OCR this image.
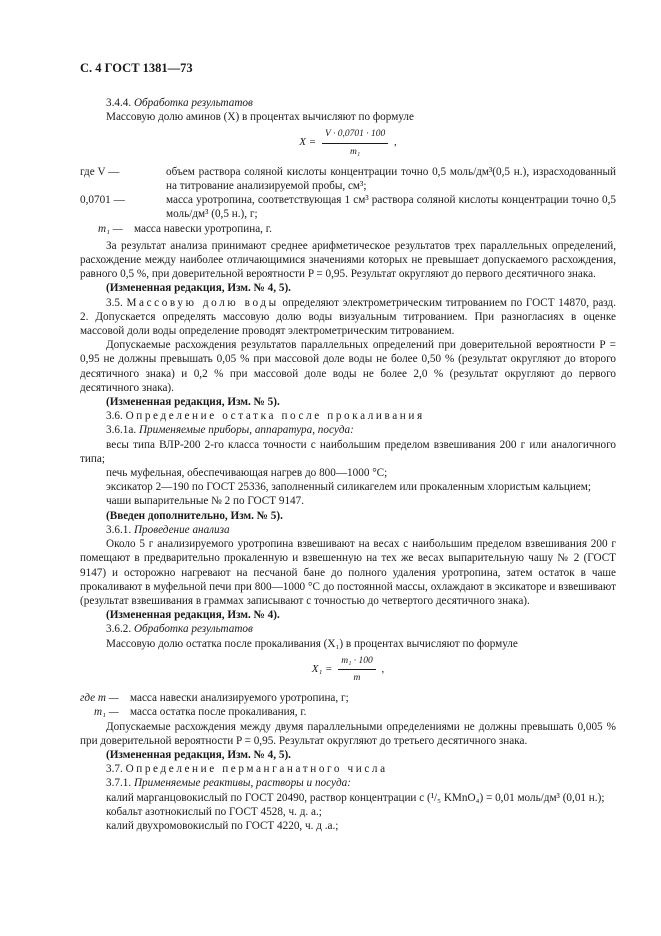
С. 4 ГОСТ 1381—73

3.4.4. Обработка результатов

Массовую долю аминов (X) в процентах вычисляют по формуле

$X = \frac{V \cdot 0,0701 \cdot 100}{\text{m₁}}$ ,
где V —	объем раствора соляной кислоты концентрации точно 0,5 моль/дм³(0,5 н.), израсходованный на титрование анализируемой пробы, см³;
0,0701 —	масса уротропина, соответствующая 1 см³ раствора соляной кислоты концентрации точно 0,5 моль/дм³ (0,5 н.), г;
m₁ —	масса навески уротропина, г.

За результат анализа принимают среднее арифметическое результатов трех параллельных определений, расхождение между наиболее отличающимися значениями которых не превышает допускаемого расхождения, равного 0,5 %, при доверительной вероятности P = 0,95. Результат округляют до первого десятичного знака.

(Измененная редакция, Изм. № 4, 5).

3.5. Массовую долю воды определяют электрометрическим титрованием по ГОСТ 14870, разд. 2. Допускается определять массовую долю воды визуальным титрованием. При разногласиях в оценке массовой доли воды определение проводят электрометрическим титрованием.

Допускаемые расхождения результатов параллельных определений при доверительной вероятности P = 0,95 не должны превышать 0,05 % при массовой доле воды не более 0,50 % (результат округляют до второго десятичного знака) и 0,2 % при массовой доле воды не более 2,0 % (результат округляют до первого десятичного знака).

(Измененная редакция, Изм. № 5).

3.6. Определение остатка после прокаливания

3.6.1а. Применяемые приборы, аппаратура, посуда:

весы типа ВЛР-200 2-го класса точности с наибольшим пределом взвешивания 200 г или аналогичного типа;

печь муфельная, обеспечивающая нагрев до 800—1000 °С;

эксикатор 2—190 по ГОСТ 25336, заполненный силикагелем или прокаленным хлористым кальцием;

чаши выпарительные № 2 по ГОСТ 9147.

(Введен дополнительно, Изм. № 5).

3.6.1. Проведение анализа

Около 5 г анализируемого уротропина взвешивают на весах с наибольшим пределом взвешивания 200 г помещают в предварительно прокаленную и взвешенную на тех же весах выпарительную чашу № 2 (ГОСТ 9147) и осторожно нагревают на песчаной бане до полного удаления уротропина, затем остаток в чаше прокаливают в муфельной печи при 800—1000 °С до постоянной массы, охлаждают в эксикаторе и взвешивают (результат взвешивания в граммах записывают с точностью до четвертого десятичного знака).

(Измененная редакция, Изм. № 4).

3.6.2. Обработка результатов

Массовую долю остатка после прокаливания (X₁) в процентах вычисляют по формуле

$X_1 = \frac{\text{m₁ · 100}}{m}$ ,
где m —	масса навески анализируемого уротропина, г;
m₁ —	масса остатка после прокаливания, г.

Допускаемые расхождения между двумя параллельными определениями не должны превышать 0,005 % при доверительной вероятности P = 0,95. Результат округляют до третьего десятичного знака.

(Измененная редакция, Изм. № 4, 5).

3.7. Определение перманганатного числа

3.7.1. Применяемые реактивы, растворы и посуда:

калий марганцовокислый по ГОСТ 20490, раствор концентрации с (¹/₅ KMnO₄) = 0,01 моль/дм³ (0,01 н.);

кобальт азотнокислый по ГОСТ 4528, ч. д. а.;

калий двухромовокислый по ГОСТ 4220, ч. д .а.;
